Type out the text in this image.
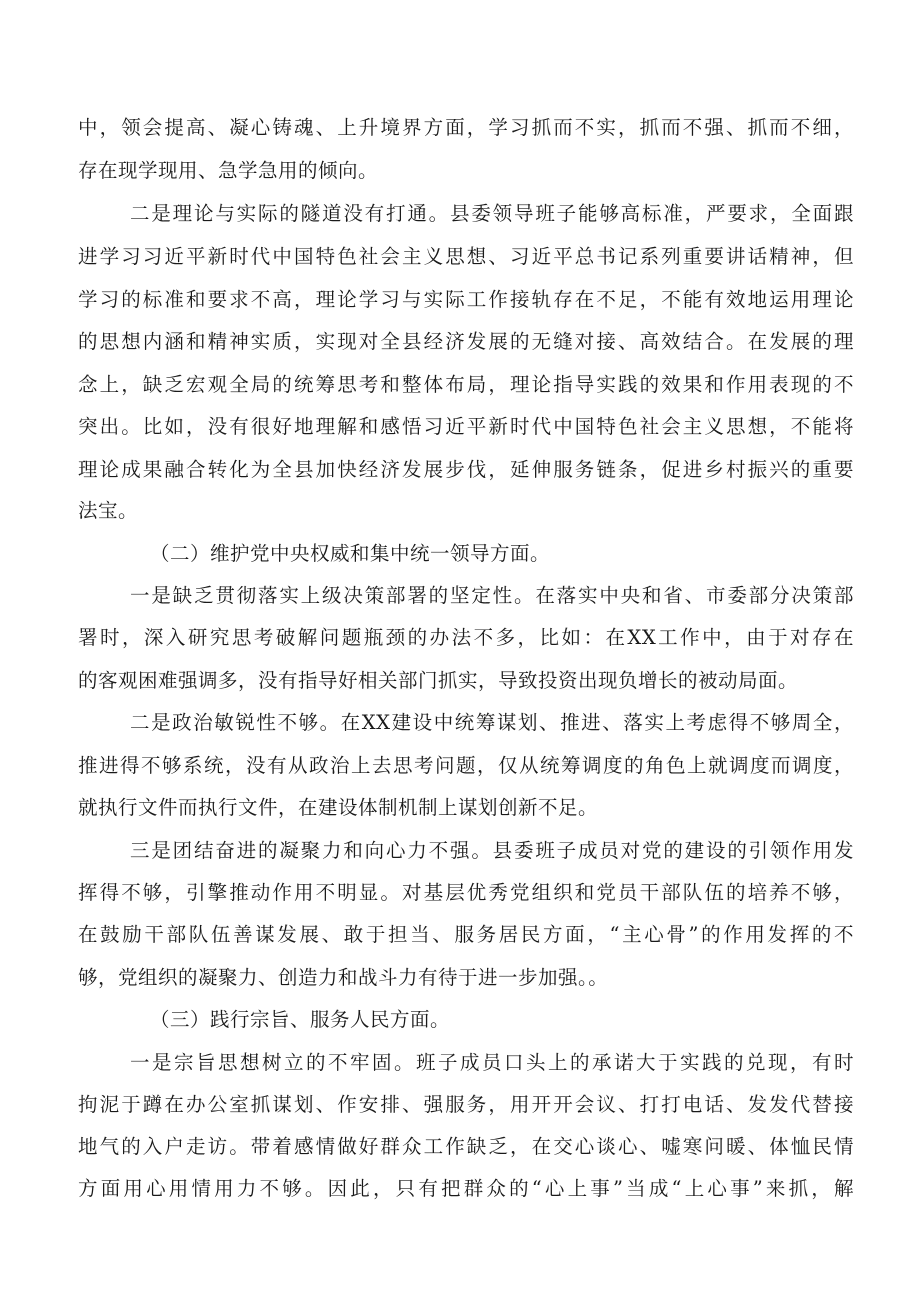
中，领会提高、凝心铸魂、上升境界方面，学习抓而不实，抓而不强、抓而不细，
存在现学现用、急学急用的倾向。
二是理论与实际的隧道没有打通。县委领导班子能够高标准，严要求，全面跟
进学习习近平新时代中国特色社会主义思想、习近平总书记系列重要讲话精神，但
学习的标准和要求不高，理论学习与实际工作接轨存在不足，不能有效地运用理论
的思想内涵和精神实质，实现对全县经济发展的无缝对接、高效结合。在发展的理
念上，缺乏宏观全局的统筹思考和整体布局，理论指导实践的效果和作用表现的不
突出。比如，没有很好地理解和感悟习近平新时代中国特色社会主义思想，不能将
理论成果融合转化为全县加快经济发展步伐，延伸服务链条，促进乡村振兴的重要
法宝。
（二）维护党中央权威和集中统一领导方面。
一是缺乏贯彻落实上级决策部署的坚定性。在落实中央和省、市委部分决策部
署时，深入研究思考破解问题瓶颈的办法不多，比如：在XX工作中，由于对存在
的客观困难强调多，没有指导好相关部门抓实，导致投资出现负增长的被动局面。
二是政治敏锐性不够。在XX建设中统筹谋划、推进、落实上考虑得不够周全，
推进得不够系统，没有从政治上去思考问题，仅从统筹调度的角色上就调度而调度，
就执行文件而执行文件，在建设体制机制上谋划创新不足。
三是团结奋进的凝聚力和向心力不强。县委班子成员对党的建设的引领作用发
挥得不够，引擎推动作用不明显。对基层优秀党组织和党员干部队伍的培养不够，
在鼓励干部队伍善谋发展、敢于担当、服务居民方面，“主心骨”的作用发挥的不
够，党组织的凝聚力、创造力和战斗力有待于进一步加强。。
（三）践行宗旨、服务人民方面。
一是宗旨思想树立的不牢固。班子成员口头上的承诺大于实践的兑现，有时
拘泥于蹲在办公室抓谋划、作安排、强服务，用开开会议、打打电话、发发代替接
地气的入户走访。带着感情做好群众工作缺乏，在交心谈心、嘘寒问暖、体恤民情
方面用心用情用力不够。因此，只有把群众的“心上事”当成“上心事”来抓，解
